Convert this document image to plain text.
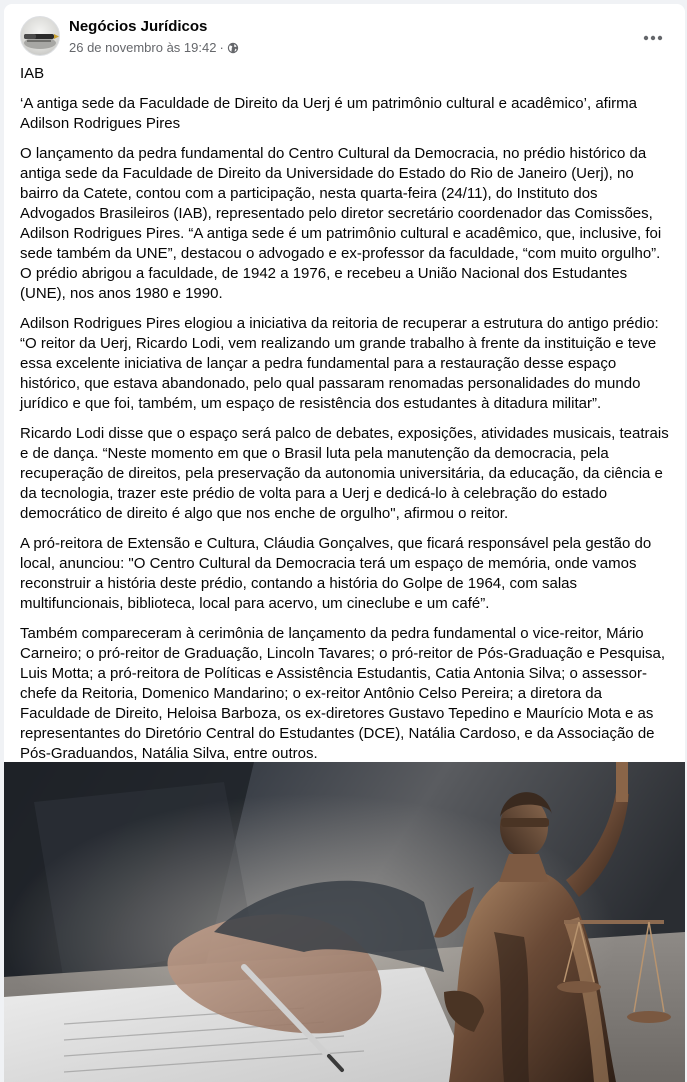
Negócios Jurídicos
26 de novembro às 19:42 ·

IAB

‘A antiga sede da Faculdade de Direito da Uerj é um patrimônio cultural e acadêmico’, afirma Adilson Rodrigues Pires

O lançamento da pedra fundamental do Centro Cultural da Democracia, no prédio histórico da antiga sede da Faculdade de Direito da Universidade do Estado do Rio de Janeiro (Uerj), no bairro da Catete, contou com a participação, nesta quarta-feira (24/11), do Instituto dos Advogados Brasileiros (IAB), representado pelo diretor secretário coordenador das Comissões, Adilson Rodrigues Pires. “A antiga sede é um patrimônio cultural e acadêmico, que, inclusive, foi sede também da UNE”, destacou o advogado e ex-professor da faculdade, “com muito orgulho”. O prédio abrigou a faculdade, de 1942 a 1976, e recebeu a União Nacional dos Estudantes (UNE), nos anos 1980 e 1990.

Adilson Rodrigues Pires elogiou a iniciativa da reitoria de recuperar a estrutura do antigo prédio: “O reitor da Uerj, Ricardo Lodi, vem realizando um grande trabalho à frente da instituição e teve essa excelente iniciativa de lançar a pedra fundamental para a restauração desse espaço histórico, que estava abandonado, pelo qual passaram renomadas personalidades do mundo jurídico e que foi, também, um espaço de resistência dos estudantes à ditadura militar”.

Ricardo Lodi disse que o espaço será palco de debates, exposições, atividades musicais, teatrais e de dança. “Neste momento em que o Brasil luta pela manutenção da democracia, pela recuperação de direitos, pela preservação da autonomia universitária, da educação, da ciência e da tecnologia, trazer este prédio de volta para a Uerj e dedicá-lo à celebração do estado democrático de direito é algo que nos enche de orgulho", afirmou o reitor.

A pró-reitora de Extensão e Cultura, Cláudia Gonçalves, que ficará responsável pela gestão do local, anunciou: "O Centro Cultural da Democracia terá um espaço de memória, onde vamos reconstruir a história deste prédio, contando a história do Golpe de 1964, com salas multifuncionais, biblioteca, local para acervo, um cineclube e um café”.

Também compareceram à cerimônia de lançamento da pedra fundamental o vice-reitor, Mário Carneiro; o pró-reitor de Graduação, Lincoln Tavares; o pró-reitor de Pós-Graduação e Pesquisa, Luis Motta; a pró-reitora de Políticas e Assistência Estudantis, Catia Antonia Silva; o assessor-chefe da Reitoria, Domenico Mandarino; o ex-reitor Antônio Celso Pereira; a diretora da Faculdade de Direito, Heloisa Barboza, os ex-diretores Gustavo Tepedino e Maurício Mota e as representantes do Diretório Central do Estudantes (DCE), Natália Cardoso, e da Associação de Pós-Graduandos, Natália Silva, entre outros.
